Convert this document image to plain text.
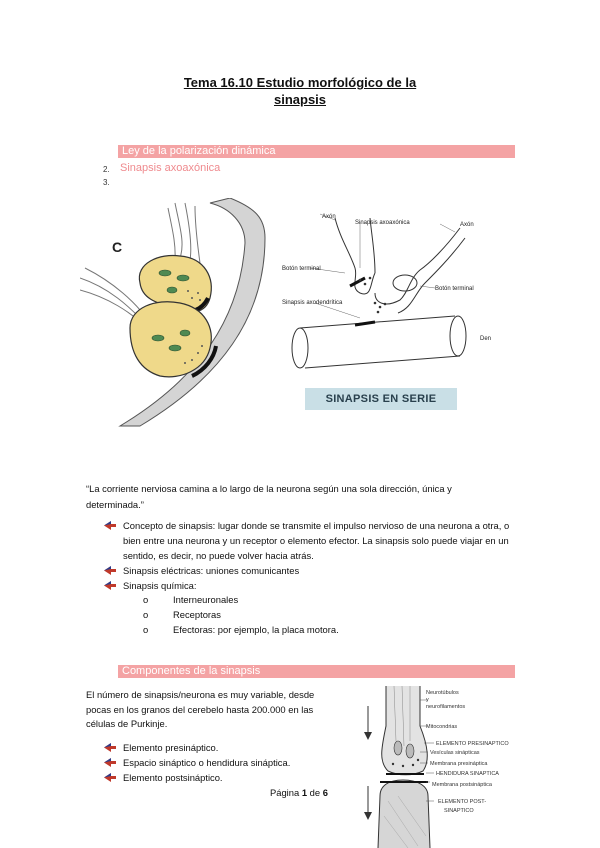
Tema 16.10 Estudio morfológico de la
sinapsis
Ley de la polarización dinámica
Sinapsis axoaxónica
2.
3.
C
Axón
Sinapsis axoaxónica	Axón
Botón terminal
Botón terminal
Sinapsis axodendrítica
Den
SINAPSIS EN SERIE
“La corriente nerviosa camina a lo largo de la neurona según una sola dirección, única y determinada.”
Concepto de sinapsis: lugar donde se transmite el impulso nervioso de una neurona a otra, o bien entre una neurona y un receptor o elemento efector. La sinapsis solo puede viajar en un sentido, es decir, no puede volver hacia atrás.
Sinapsis eléctricas: uniones comunicantes
Sinapsis química:
o	Interneuronales
o	Receptoras
o	Efectoras: por ejemplo, la placa motora.
Componentes de la sinapsis
El número de sinapsis/neurona es muy variable, desde pocas en los granos del cerebelo hasta 200.000 en las células de Purkinje.
Elemento presináptico.
Espacio sináptico o hendidura sináptica.
Elemento postsináptico.
Neurotúbulos
y
neurofilamentos
Mitocondrias
ELEMENTO PRESINAPTICO
Vesículas sinápticas
Membrana presináptica
HENDIDURA SINAPTICA
Membrana postsináptica
ELEMENTO POST-
SINAPTICO
Página 1 de 6
